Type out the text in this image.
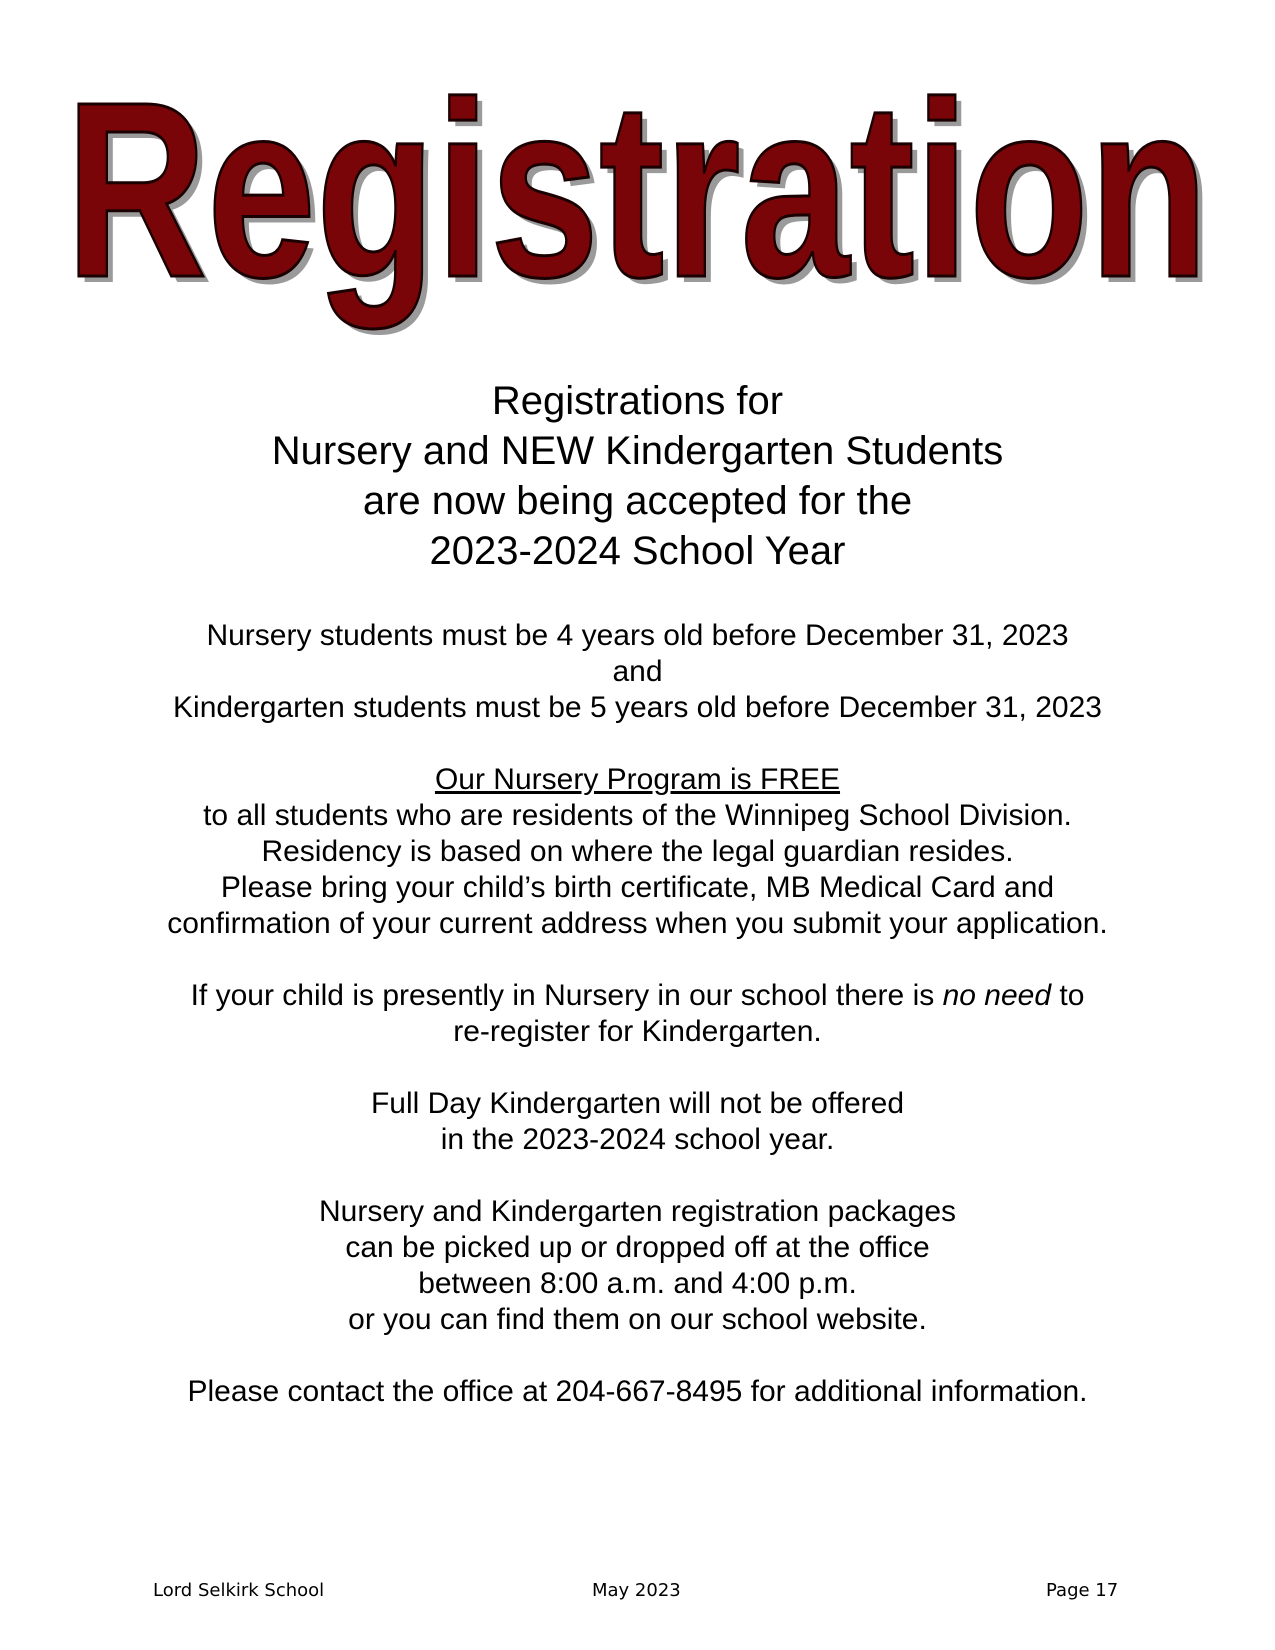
Registration
Registration
Registrations for
Nursery and NEW Kindergarten Students
are now being accepted for the
2023-2024 School Year
Nursery students must be 4 years old before December 31, 2023
and
Kindergarten students must be 5 years old before December 31, 2023
Our Nursery Program is FREE
to all students who are residents of the Winnipeg School Division.
Residency is based on where the legal guardian resides.
Please bring your child’s birth certificate, MB Medical Card and
confirmation of your current address when you submit your application.
If your child is presently in Nursery in our school there is no need to
re-register for Kindergarten.
Full Day Kindergarten will not be offered
in the 2023-2024 school year.
Nursery and Kindergarten registration packages
can be picked up or dropped off at the office
between 8:00 a.m. and 4:00 p.m.
or you can find them on our school website.
Please contact the office at 204-667-8495 for additional information.
Lord Selkirk School	May 2023	Page 17
